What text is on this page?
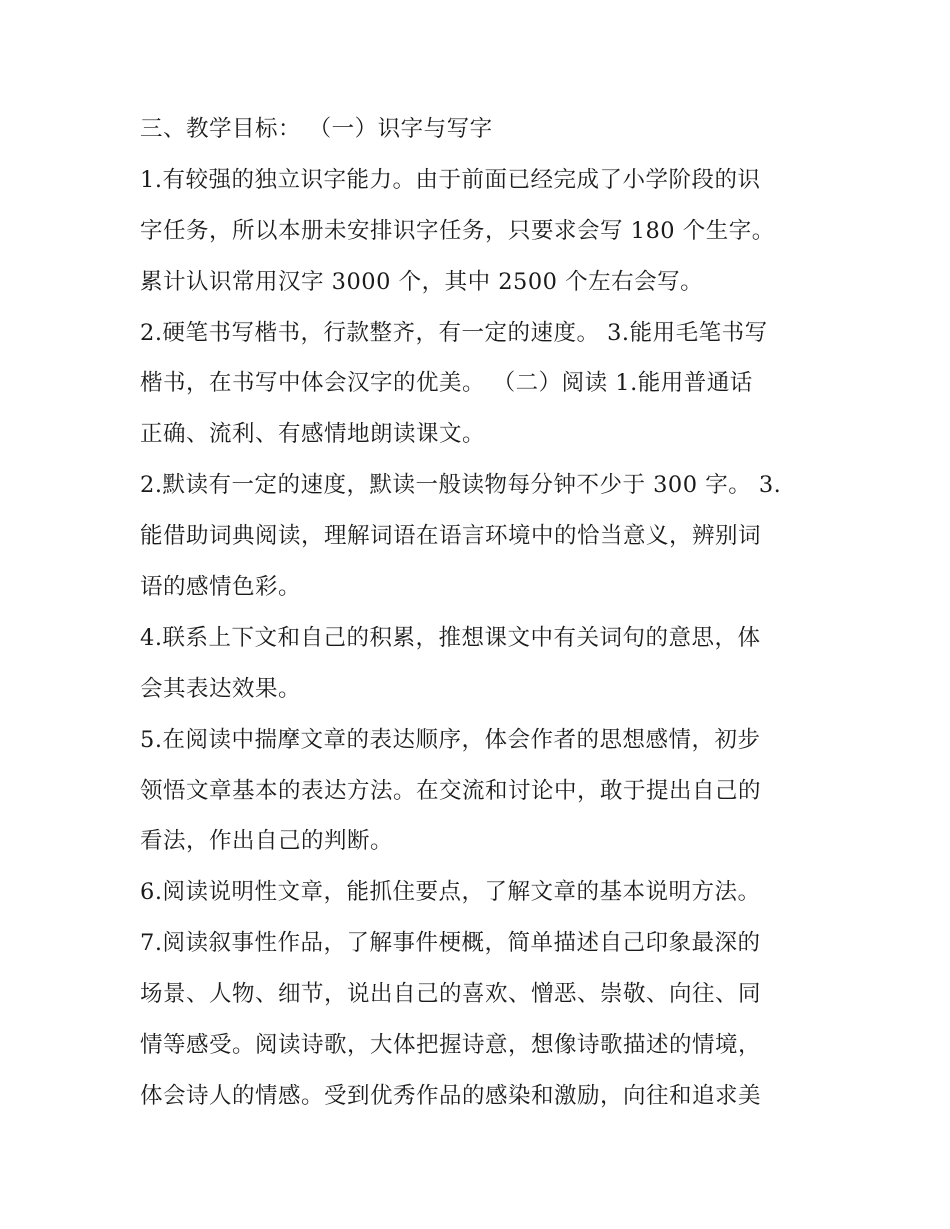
三、教学目标： （一）识字与写字
1.有较强的独立识字能力。由于前面已经完成了小学阶段的识
字任务，所以本册未安排识字任务，只要求会写 180 个生字。
累计认识常用汉字 3000 个，其中 2500 个左右会写。
2.硬笔书写楷书，行款整齐，有一定的速度。 3.能用毛笔书写
楷书，在书写中体会汉字的优美。 （二）阅读 1.能用普通话
正确、流利、有感情地朗读课文。
2.默读有一定的速度，默读一般读物每分钟不少于 300 字。 3.
能借助词典阅读，理解词语在语言环境中的恰当意义，辨别词
语的感情色彩。
4.联系上下文和自己的积累，推想课文中有关词句的意思，体
会其表达效果。
5.在阅读中揣摩文章的表达顺序，体会作者的思想感情，初步
领悟文章基本的表达方法。在交流和讨论中，敢于提出自己的
看法，作出自己的判断。
6.阅读说明性文章，能抓住要点，了解文章的基本说明方法。
7.阅读叙事性作品，了解事件梗概，简单描述自己印象最深的
场景、人物、细节，说出自己的喜欢、憎恶、崇敬、向往、同
情等感受。阅读诗歌，大体把握诗意，想像诗歌描述的情境，
体会诗人的情感。受到优秀作品的感染和激励，向往和追求美
